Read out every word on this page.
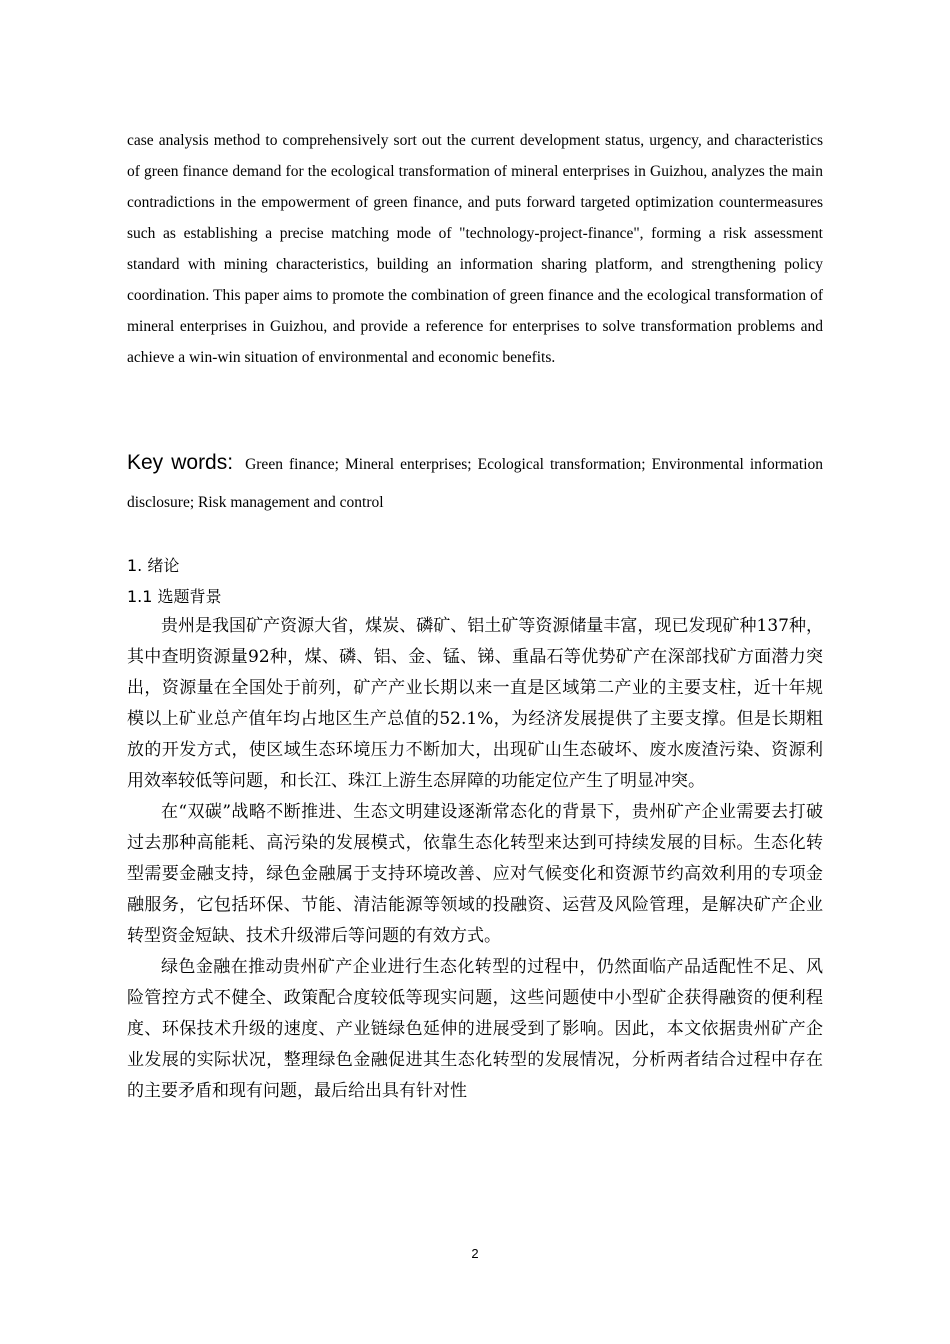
case analysis method to comprehensively sort out the current development status, urgency, and characteristics of green finance demand for the ecological transformation of mineral enterprises in Guizhou, analyzes the main contradictions in the empowerment of green finance, and puts forward targeted optimization countermeasures such as establishing a precise matching mode of "technology-project-finance", forming a risk assessment standard with mining characteristics, building an information sharing platform, and strengthening policy coordination. This paper aims to promote the combination of green finance and the ecological transformation of mineral enterprises in Guizhou, and provide a reference for enterprises to solve transformation problems and achieve a win-win situation of environmental and economic benefits.

Key words: Green finance; Mineral enterprises; Ecological transformation; Environmental information disclosure; Risk management and control

1. 绪论
1.1 选题背景

贵州是我国矿产资源大省，煤炭、磷矿、铝土矿等资源储量丰富，现已发现矿种137种，其中查明资源量92种，煤、磷、铝、金、锰、锑、重晶石等优势矿产在深部找矿方面潜力突出，资源量在全国处于前列，矿产产业长期以来一直是区域第二产业的主要支柱，近十年规模以上矿业总产值年均占地区生产总值的52.1%，为经济发展提供了主要支撑。但是长期粗放的开发方式，使区域生态环境压力不断加大，出现矿山生态破坏、废水废渣污染、资源利用效率较低等问题，和长江、珠江上游生态屏障的功能定位产生了明显冲突。

在“双碳”战略不断推进、生态文明建设逐渐常态化的背景下，贵州矿产企业需要去打破过去那种高能耗、高污染的发展模式，依靠生态化转型来达到可持续发展的目标。生态化转型需要金融支持，绿色金融属于支持环境改善、应对气候变化和资源节约高效利用的专项金融服务，它包括环保、节能、清洁能源等领域的投融资、运营及风险管理，是解决矿产企业转型资金短缺、技术升级滞后等问题的有效方式。

绿色金融在推动贵州矿产企业进行生态化转型的过程中，仍然面临产品适配性不足、风险管控方式不健全、政策配合度较低等现实问题，这些问题使中小型矿企获得融资的便利程度、环保技术升级的速度、产业链绿色延伸的进展受到了影响。因此，本文依据贵州矿产企业发展的实际状况，整理绿色金融促进其生态化转型的发展情况，分析两者结合过程中存在的主要矛盾和现有问题，最后给出具有针对性

2
